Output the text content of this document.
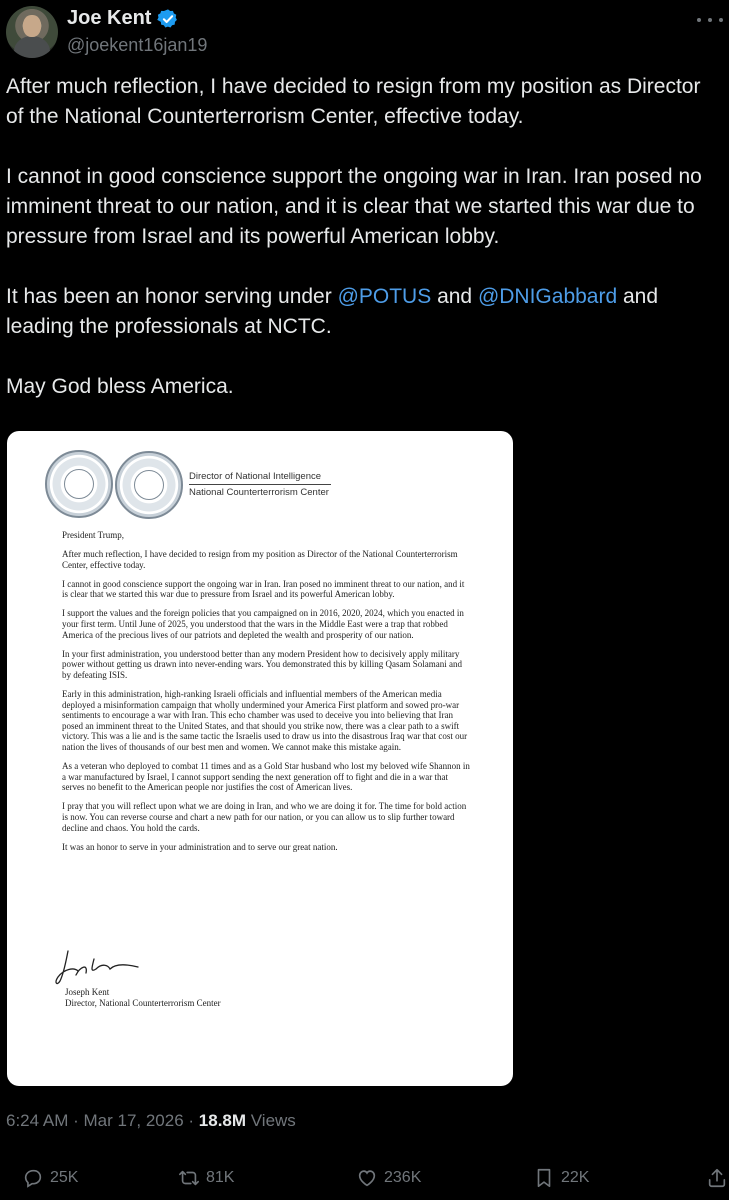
Joe Kent
@joekent16jan19

After much reflection, I have decided to resign from my position as Director of the National Counterterrorism Center, effective today.

I cannot in good conscience support the ongoing war in Iran. Iran posed no imminent threat to our nation, and it is clear that we started this war due to pressure from Israel and its powerful American lobby.

It has been an honor serving under @POTUS and @DNIGabbard and leading the professionals at NCTC.

May God bless America.

Director of National Intelligence
National Counterterrorism Center

President Trump,

After much reflection, I have decided to resign from my position as Director of the National Counterterrorism Center, effective today.

I cannot in good conscience support the ongoing war in Iran. Iran posed no imminent threat to our nation, and it is clear that we started this war due to pressure from Israel and its powerful American lobby.

I support the values and the foreign policies that you campaigned on in 2016, 2020, 2024, which you enacted in your first term. Until June of 2025, you understood that the wars in the Middle East were a trap that robbed America of the precious lives of our patriots and depleted the wealth and prosperity of our nation.

In your first administration, you understood better than any modern President how to decisively apply military power without getting us drawn into never-ending wars. You demonstrated this by killing Qasam Solamani and by defeating ISIS.

Early in this administration, high-ranking Israeli officials and influential members of the American media deployed a misinformation campaign that wholly undermined your America First platform and sowed pro-war sentiments to encourage a war with Iran. This echo chamber was used to deceive you into believing that Iran posed an imminent threat to the United States, and that should you strike now, there was a clear path to a swift victory. This was a lie and is the same tactic the Israelis used to draw us into the disastrous Iraq war that cost our nation the lives of thousands of our best men and women. We cannot make this mistake again.

As a veteran who deployed to combat 11 times and as a Gold Star husband who lost my beloved wife Shannon in a war manufactured by Israel, I cannot support sending the next generation off to fight and die in a war that serves no benefit to the American people nor justifies the cost of American lives.

I pray that you will reflect upon what we are doing in Iran, and who we are doing it for. The time for bold action is now. You can reverse course and chart a new path for our nation, or you can allow us to slip further toward decline and chaos. You hold the cards.

It was an honor to serve in your administration and to serve our great nation.

Joseph Kent
Director, National Counterterrorism Center
6:24 AM · Mar 17, 2026 · 18.8M Views
25K	81K	236K	22K
